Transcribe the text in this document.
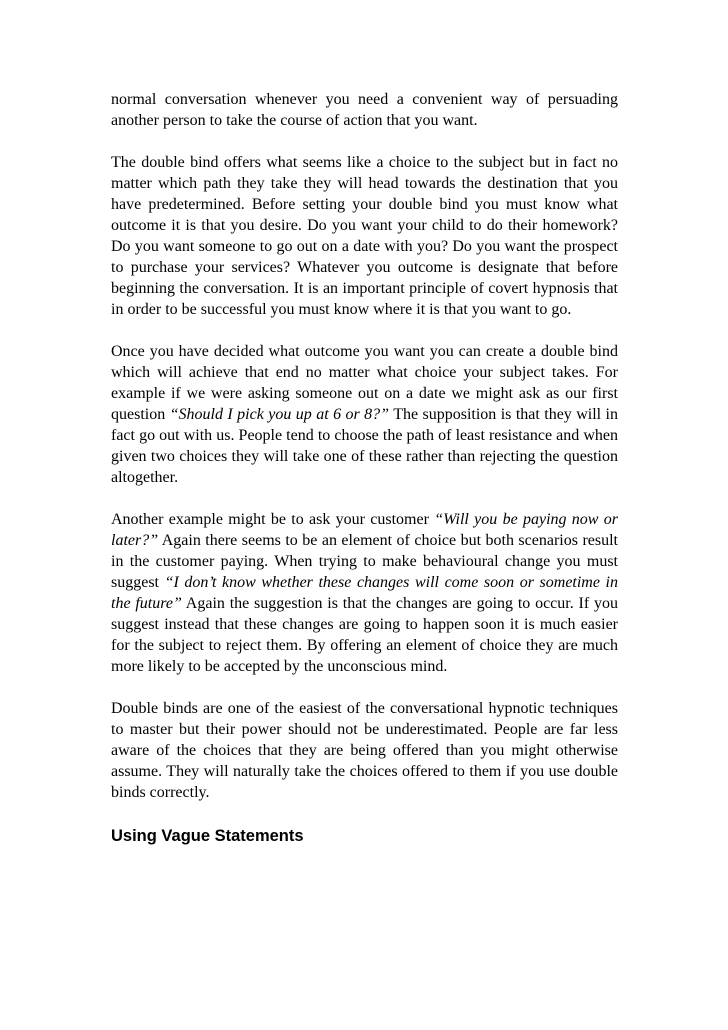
normal conversation whenever you need a convenient way of persuading another person to take the course of action that you want.

The double bind offers what seems like a choice to the subject but in fact no matter which path they take they will head towards the destination that you have predetermined. Before setting your double bind you must know what outcome it is that you desire. Do you want your child to do their homework? Do you want someone to go out on a date with you? Do you want the prospect to purchase your services? Whatever you outcome is designate that before beginning the conversation. It is an important principle of covert hypnosis that in order to be successful you must know where it is that you want to go.

Once you have decided what outcome you want you can create a double bind which will achieve that end no matter what choice your subject takes. For example if we were asking someone out on a date we might ask as our first question “Should I pick you up at 6 or 8?” The supposition is that they will in fact go out with us. People tend to choose the path of least resistance and when given two choices they will take one of these rather than rejecting the question altogether.

Another example might be to ask your customer “Will you be paying now or later?” Again there seems to be an element of choice but both scenarios result in the customer paying. When trying to make behavioural change you must suggest “I don’t know whether these changes will come soon or sometime in the future” Again the suggestion is that the changes are going to occur. If you suggest instead that these changes are going to happen soon it is much easier for the subject to reject them. By offering an element of choice they are much more likely to be accepted by the unconscious mind.

Double binds are one of the easiest of the conversational hypnotic techniques to master but their power should not be underestimated. People are far less aware of the choices that they are being offered than you might otherwise assume. They will naturally take the choices offered to them if you use double binds correctly.

Using Vague Statements
